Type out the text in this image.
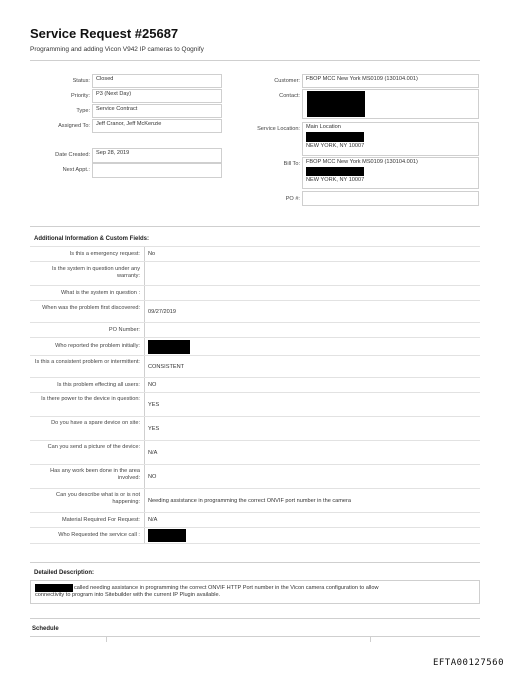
Service Request #25687
Programming and adding Vicon V942 IP cameras to Qognify
Status:	Closed
Priority:	P3 (Next Day)
Type:	Service Contract
Assigned To:	Jeff Cranor, Jeff McKenzie
Date Created:	Sep 28, 2019
Next Appt.:
Customer:	FBOP MCC New York MS0109 (130104.001)
Contact:
Service Location: Main Location
NEW YORK, NY 10007
Bill To: FBOP MCC New York MS0109 (130104.001)
NEW YORK, NY 10007
PO #:
Additional Information & Custom Fields:
Is this a emergency request:	No
Is the system in question under any warranty:
What is the system in question :
When was the problem first discovered:
09/27/2019
PO Number:
Who reported the problem initially:
Is this a consistent problem or intermittent:
CONSISTENT
Is this problem effecting all users:	NO
Is there power to the device in question:
YES
Do you have a spare device on site:
YES
Can you send a picture of the device:
N/A
Has any work been done in the area involved:	NO
Can you describe what is or is not happening:	Needing assistance in programming the correct ONVIF port number in the camera
Material Required For Request:	N/A
Who Requested the service call :
Detailed Description:
called needing assistance in programming the correct ONVIF HTTP Port number in the Vicon camera configuration to allow
connectivity to program into Sitebuilder with the current IP Plugin available.
Schedule
EFTA00127560
